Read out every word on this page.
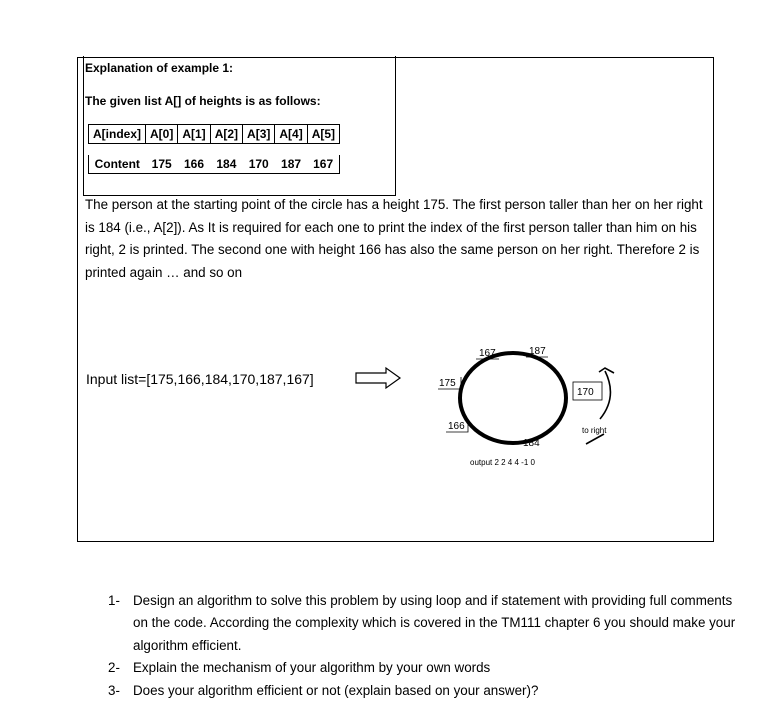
Explanation of example 1:
The given list A[] of heights is as follows:
A[index]	A[0]	A[1]	A[2]	A[3]	A[4]	A[5]

Content	175	166	184	170	187	167
The person at the starting point of the circle has a height 175. The first person taller than her on her right is 184 (i.e., A[2]). As It is required for each one to print the index of the first person taller than him on his right, 2 is printed. The second one with height 166 has also the same person on her right. Therefore 2 is printed again … and so on
Input list=[175,166,184,170,187,167]
167	187
175
166
184
170
to right
output 2 2 4 4 -1 0
1- Design an algorithm to solve this problem by using loop and if statement with providing full comments on the code. According the complexity which is covered in the TM111 chapter 6 you should make your algorithm efficient.
2- Explain the mechanism of your algorithm by your own words
3- Does your algorithm efficient or not (explain based on your answer)?
